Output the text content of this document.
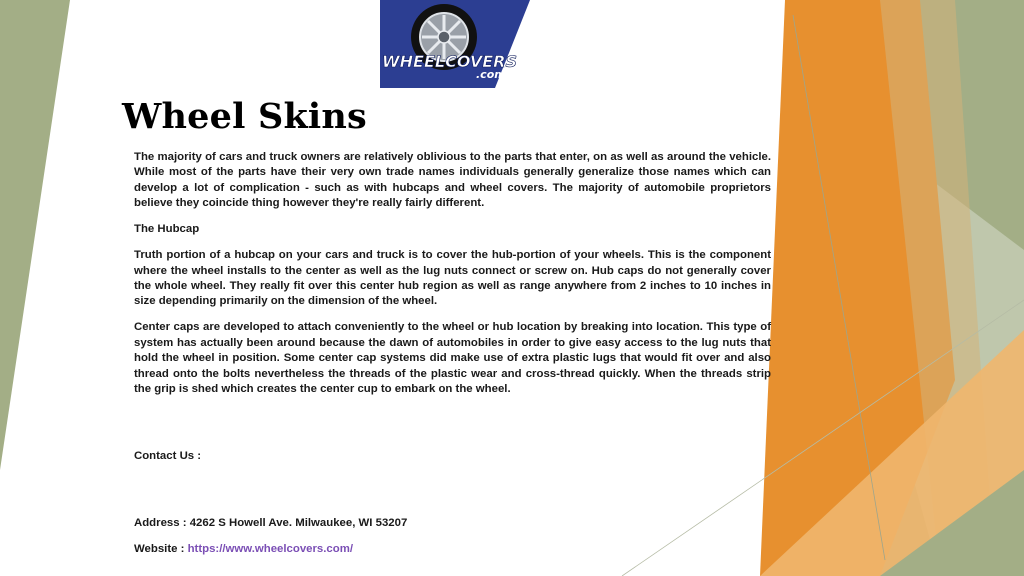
WHEELCOVERS
.com
Wheel Skins

The majority of cars and truck owners are relatively oblivious to the parts that enter, on as well as around the vehicle. While most of the parts have their very own trade names individuals generally generalize those names which can develop a lot of complication - such as with hubcaps and wheel covers. The majority of automobile proprietors believe they coincide thing however they're really fairly different.

The Hubcap

Truth portion of a hubcap on your cars and truck is to cover the hub-portion of your wheels. This is the component where the wheel installs to the center as well as the lug nuts connect or screw on. Hub caps do not generally cover the whole wheel. They really fit over this center hub region as well as range anywhere from 2 inches to 10 inches in size depending primarily on the dimension of the wheel.

Center caps are developed to attach conveniently to the wheel or hub location by breaking into location. This type of system has actually been around because the dawn of automobiles in order to give easy access to the lug nuts that hold the wheel in position. Some center cap systems did make use of extra plastic lugs that would fit over and also thread onto the bolts nevertheless the threads of the plastic wear and cross-thread quickly. When the threads strip the grip is shed which creates the center cup to embark on the wheel.

Contact Us :

Address : 4262 S Howell Ave. Milwaukee, WI 53207

Website : https://www.wheelcovers.com/
